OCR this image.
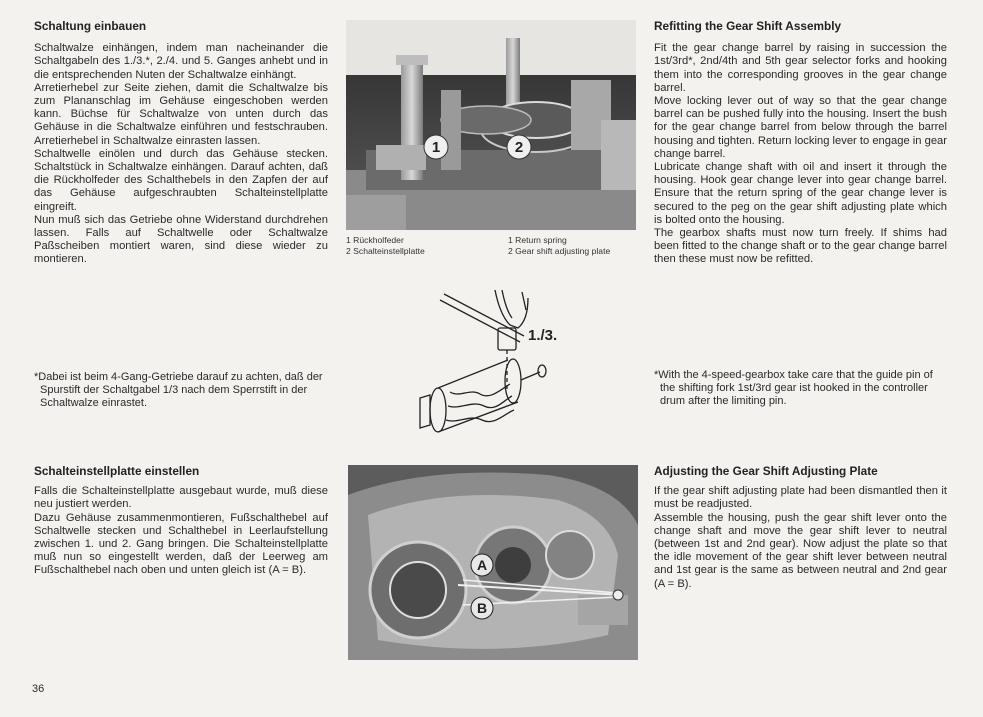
Schaltung einbauen

Schaltwalze einhängen, indem man nacheinander die Schaltgabeln des 1./3.*, 2./4. und 5. Ganges anhebt und in die entsprechenden Nuten der Schaltwalze einhängt.

Arretierhebel zur Seite ziehen, damit die Schaltwalze bis zum Plananschlag im Gehäuse eingeschoben werden kann. Büchse für Schaltwalze von unten durch das Gehäuse in die Schaltwalze einführen und festschrauben. Arretierhebel in Schaltwalze einrasten lassen.

Schaltwelle einölen und durch das Gehäuse stecken. Schaltstück in Schaltwalze einhängen. Darauf achten, daß die Rückholfeder des Schalthebels in den Zapfen der auf das Gehäuse aufgeschraubten Schalteinstellplatte eingreift.

Nun muß sich das Getriebe ohne Widerstand durchdrehen lassen. Falls auf Schaltwelle oder Schaltwalze Paßscheiben montiert waren, sind diese wieder zu montieren.

*Dabei ist beim 4-Gang-Getriebe darauf zu achten, daß der Spurstift der Schaltgabel 1/3 nach dem Sperrstift in der Schaltwalze einrastet.

Schalteinstellplatte einstellen

Falls die Schalteinstellplatte ausgebaut wurde, muß diese neu justiert werden.

Dazu Gehäuse zusammenmontieren, Fußschalthebel auf Schaltwelle stecken und Schalthebel in Leerlaufstellung zwischen 1. und 2. Gang bringen. Die Schalteinstellplatte muß nun so eingestellt werden, daß der Leerweg am Fußschalthebel nach oben und unten gleich ist (A = B).

36
1	2
1 Rückholfeder
2 Schalteinstellplatte
1 Return spring
2 Gear shift adjusting plate
1./3.
A
B
Refitting the Gear Shift Assembly

Fit the gear change barrel by raising in succession the 1st/3rd*, 2nd/4th and 5th gear selector forks and hooking them into the corresponding grooves in the gear change barrel.

Move locking lever out of way so that the gear change barrel can be pushed fully into the housing. Insert the bush for the gear change barrel from below through the barrel housing and tighten. Return locking lever to engage in gear change barrel.

Lubricate change shaft with oil and insert it through the housing. Hook gear change lever into gear change barrel. Ensure that the return spring of the gear change lever is secured to the peg on the gear shift adjusting plate which is bolted onto the housing.

The gearbox shafts must now turn freely. If shims had been fitted to the change shaft or to the gear change barrel then these must now be refitted.

*With the 4-speed-gearbox take care that the guide pin of the shifting fork 1st/3rd gear ist hooked in the controller drum after the limiting pin.

Adjusting the Gear Shift Adjusting Plate

If the gear shift adjusting plate had been dismantled then it must be readjusted.

Assemble the housing, push the gear shift lever onto the change shaft and move the gear shift lever to neutral (between 1st and 2nd gear). Now adjust the plate so that the idle movement of the gear shift lever between neutral and 1st gear is the same as between neutral and 2nd gear (A = B).
